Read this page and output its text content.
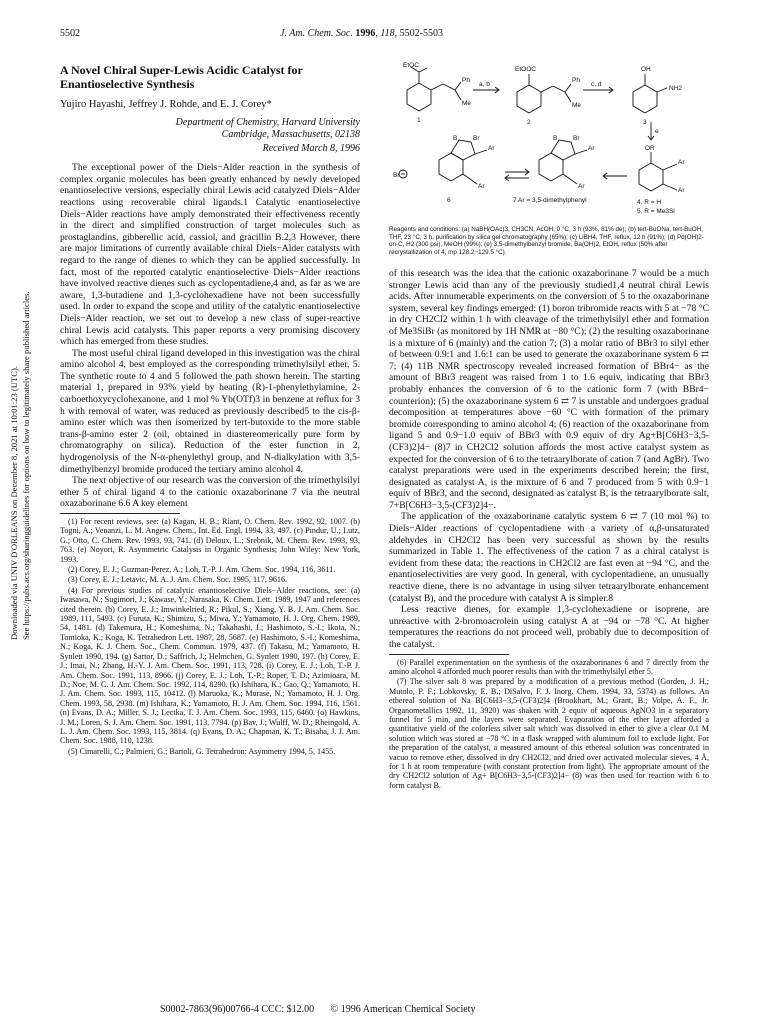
5502	J. Am. Chem. Soc. 1996, 118, 5502-5503
Downloaded via UNIV D'ORLEANS on December 8, 2021 at 10:01:23 (UTC). See https://pubs.acs.org/sharingguidelines for options on how to legitimately share published articles.
A Novel Chiral Super-Lewis Acidic Catalyst for Enantioselective Synthesis
Yujiro Hayashi, Jeffrey J. Rohde, and E. J. Corey*

Department of Chemistry, Harvard University

Cambridge, Massachusetts, 02138

Received March 8, 1996

The exceptional power of the Diels−Alder reaction in the synthesis of complex organic molecules has been greatly enhanced by newly developed enantioselective versions, especially chiral Lewis acid catalyzed Diels−Alder reactions using recoverable chiral ligands.1 Catalytic enantioselective Diels−Alder reactions have amply demonstrated their effectiveness recently in the direct and simplified construction of target molecules such as prostaglandins, gibberellic acid, cassiol, and gracillin B.2,3 However, there are major limitations of currently available chiral Diels−Alder catalysts with regard to the range of dienes to which they can be applied successfully. In fact, most of the reported catalytic enantioselective Diels−Alder reactions have involved reactive dienes such as cyclopentadiene,4 and, as far as we are aware, 1,3-butadiene and 1,3-cyclohexadiene have not been successfully used. In order to expand the scope and utility of the catalytic enantioselective Diels−Alder reaction, we set out to develop a new class of super-reactive chiral Lewis acid catalysts. This paper reports a very promising discovery which has emerged from these studies.

The most useful chiral ligand developed in this investigation was the chiral amino alcohol 4, best employed as the corresponding trimethylsilyl ether, 5. The synthetic route to 4 and 5 followed the path shown herein. The starting material 1, prepared in 93% yield by heating (R)-1-phenylethylamine, 2-carboethoxycyclohexanone, and 1 mol % Yb(OTf)3 in benzene at reflux for 3 h with removal of water, was reduced as previously described5 to the cis-β-amino ester which was then isomerized by tert-butoxide to the more stable trans-β-amino ester 2 (oil, obtained in diastereomerically pure form by chromatography on silica). Reduction of the ester function in 2, hydrogenolysis of the N-α-phenylethyl group, and N-dialkylation with 3,5-dimethylbenzyl bromide produced the tertiary amino alcohol 4.

The next objective of our research was the conversion of the trimethylsilyl ether 5 of chiral ligand 4 to the cationic oxazaborinane 7 via the neutral oxazaborinane 6.6 A key element

(1) For recent reviews, see: (a) Kagan, H. B.; Riant, O. Chem. Rev. 1992, 92, 1007. (b) Togni, A.; Venanzi, L. M. Angew. Chem., Int. Ed. Engl. 1994, 33, 497. (c) Pindur, U.; Lutz, G.; Otto, C. Chem. Rev. 1993, 93, 741. (d) Deloux, L.; Srebnik, M. Chem. Rev. 1993, 93, 763. (e) Noyori, R. Asymmetric Catalysis in Organic Synthesis; John Wiley: New York, 1993.

(2) Corey, E. J.; Guzman-Perez, A.; Loh, T.-P. J. Am. Chem. Soc. 1994, 116, 3611.

(3) Corey, E. J.; Letavic, M. A. J. Am. Chem. Soc. 1995, 117, 9616.

(4) For previous studies of catalytic enantioselective Diels−Alder reactions, see: (a) Iwasawa, N.; Sugimori, J.; Kawase, Y.; Narasaka, K. Chem. Lett. 1989, 1947 and references cited therein. (b) Corey, E. J.; Imwinkelried, R.; Pikul, S.; Xiang, Y. B. J. Am. Chem. Soc. 1989, 111, 5493. (c) Furuta, K.; Shimizu, S.; Miwa, Y.; Yamamoto, H. J. Org. Chem. 1989, 54, 1481. (d) Takemura, H.; Komeshima, N.; Takahashi, I.; Hashimoto, S.-I.; Ikota, N.; Tomioka, K.; Koga, K. Tetrahedron Lett. 1987, 28, 5687. (e) Hashimoto, S.-I.; Komeshima, N.; Koga, K. J. Chem. Soc., Chem. Commun. 1979, 437. (f) Takasu, M.; Yamamoto, H. Synlett 1990, 194. (g) Sartor, D.; Saffrich, J.; Helmchen, G. Synlett 1990, 197. (h) Corey, E. J.; Imai, N.; Zhang, H.-Y. J. Am. Chem. Soc. 1991, 113, 728. (i) Corey, E. J.; Loh, T.-P. J. Am. Chem. Soc. 1991, 113, 8966. (j) Corey, E. J.; Loh, T.-P.; Roper, T. D.; Azimioara, M. D.; Noe, M. C. J. Am. Chem. Soc. 1992, 114, 8290. (k) Ishihara, K.; Gao, Q.; Yamamoto, H. J. Am. Chem. Soc. 1993, 115, 10412. (l) Maruoka, K.; Murase, N.; Yamamoto, H. J. Org. Chem. 1993, 58, 2938. (m) Ishihara, K.; Yamamoto, H. J. Am. Chem. Soc. 1994, 116, 1561. (n) Evans, D. A.; Miller, S. J.; Lectka, T. J. Am. Chem. Soc. 1993, 115, 6460. (o) Hawkins, J. M.; Loren, S. J. Am. Chem. Soc. 1991, 113, 7794. (p) Bav, J.; Wulff, W. D.; Rheingold, A. L. J. Am. Chem. Soc. 1993, 115, 3814. (q) Evans, D. A.; Chapman, K. T.; Bisaha, J. J. Am. Chem. Soc. 1988, 110, 1238.

(5) Cimarelli, C.; Palmieri, G.; Bartoli, G. Tetrahedron: Asymmetry 1994, 5, 1455.

EtOC
EtOOC	OH
NH2
Ph
Me
Ph
Me
a, b	c, d
e
1	2	3
OR
Ar
Ar
Br
B Br
Ar
Ar
B Br
Ar
Ar
6	7 Ar = 3,5-dimethylphenyl	4, R = H
5, R = Me3Si
Reagents and conditions: (a) NaBH(OAc)3, CH3CN, AcOH, 0 °C, 3 h (93%, 81% de); (b) tert-BuONa, tert-BuOH, THF, 23 °C, 3 h, purification by silica gel chromatography (65%); (c) LiBH4, THF, reflux, 12 h (91%); (d) Pd(OH)2-on-C, H2 (300 psi), MeOH (99%); (e) 3,5-dimethylbenzyl bromide, Ba(OH)2, EtOH, reflux (50% after recrystallization of 4, mp 128.2−129.5 °C).

of this research was the idea that the cationic oxazaborinane 7 would be a much stronger Lewis acid than any of the previously studied1,4 neutral chiral Lewis acids. After innumerable experiments on the conversion of 5 to the oxazaborinane system, several key findings emerged: (1) boron tribromide reacts with 5 at −78 °C in dry CH2Cl2 within 1 h with cleavage of the trimethylsilyl ether and formation of Me3SiBr (as monitored by 1H NMR at −80 °C); (2) the resulting oxazaborinane is a mixture of 6 (mainly) and the cation 7; (3) a molar ratio of BBr3 to silyl ether of between 0.9:1 and 1.6:1 can be used to generate the oxazaborinane system 6 ⇄ 7; (4) 11B NMR spectroscopy revealed increased formation of BBr4− as the amount of BBr3 reagent was raised from 1 to 1.6 equiv, indicating that BBr3 probably enhances the conversion of 6 to the cationic form 7 (with BBr4− counterion); (5) the oxazaborinane system 6 ⇄ 7 is unstable and undergoes gradual decomposition at temperatures above −60 °C with formation of the primary bromide corresponding to amino alcohol 4; (6) reaction of the oxazaborinane from ligand 5 and 0.9−1.0 equiv of BBr3 with 0.9 equiv of dry Ag+B[C6H3−3,5-(CF3)2]4− (8)7 in CH2Cl2 solution affords the most active catalyst system as expected for the conversion of 6 to the tetraarylborate of cation 7 (and AgBr). Two catalyst preparations were used in the experiments described herein; the first, designated as catalyst A, is the mixture of 6 and 7 produced from 5 with 0.9−1 equiv of BBr3, and the second, designated as catalyst B, is the tetraarylborate salt, 7+B[C6H3−3,5-(CF3)2]4−.

The application of the oxazaborinane catalytic system 6 ⇄ 7 (10 mol %) to Diels−Alder reactions of cyclopentadiene with a variety of α,β-unsaturated aldehydes in CH2Cl2 has been very successful as shown by the results summarized in Table 1. The effectiveness of the cation 7 as a chiral catalyst is evident from these data; the reactions in CH2Cl2 are fast even at −94 °C, and the enantioselectivities are very good. In general, with cyclopentadiene, an unusually reactive diene, there is no advantage in using silver tetraarylborate enhancement (catalyst B), and the procedure with catalyst A is simpler.8

Less reactive dienes, for example 1,3-cyclohexadiene or isoprene, are unreactive with 2-bromoacrolein using catalyst A at −94 or −78 °C. At higher temperatures the reactions do not proceed well, probably due to decomposition of the catalyst.

(6) Parallel experimentation on the synthesis of the oxazaborinanes 6 and 7 directly from the amino alcohol 4 afforded much poorer results than with the trimethylsilyl ether 5.

(7) The silver salt 8 was prepared by a modification of a previous method (Gorden, J. H.; Mutolo, P. F.; Lobkovsky, E. B.; DiSalvo, F. J. Inorg. Chem. 1994, 33, 5374) as follows. An ethereal solution of Na B[C6H3−3,5-(CF3)2]4 (Brookhart, M.; Grant, B.; Volpe, A. F., Jr. Organometallics 1992, 11, 3920) was shaken with 2 equiv of aqueous AgNO3 in a separatory funnel for 5 min, and the layers were separated. Evaporation of the ether layer afforded a quantitative yield of the colorless silver salt which was dissolved in ether to give a clear 0.1 M solution which was stored at −78 °C in a flask wrapped with aluminum foil to exclude light. For the preparation of the catalyst, a measured amount of this ethereal solution was concentrated in vacuo to remove ether, dissolved in dry CH2Cl2, and dried over activated molecular sieves, 4 Å, for 1 h at room temperature (with constant protection from light). The appropriate amount of the dry CH2Cl2 solution of Ag+ B[C6H3−3,5-(CF3)2]4− (8) was then used for reaction with 6 to form catalyst B.

S0002-7863(96)00766-4 CCC: $12.00 © 1996 American Chemical Society
